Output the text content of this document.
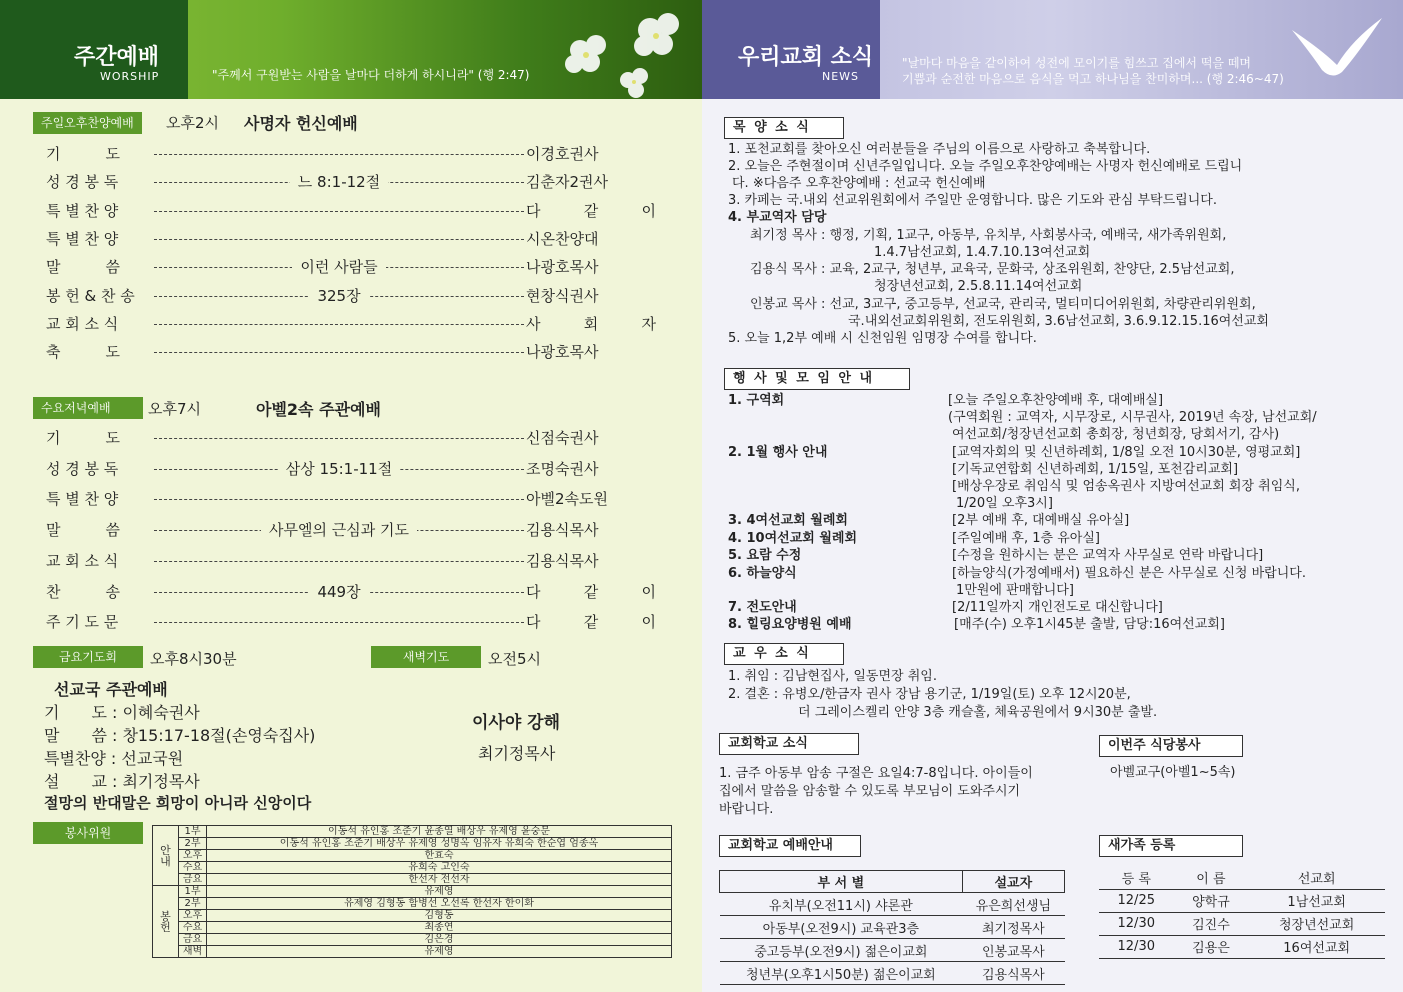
주간예배
WORSHIP	"주께서 구원받는 사람을 날마다 더하게 하시니라" (행 2:47)
주일오후찬양예배	오후2시 사명자 헌신예배
기　　　도	이경호권사
성 경 봉 독	느 8:1-12절	김춘자2권사
특 별 찬 양	다　같　이
특 별 찬 양	시온찬양대
말　　　씀	이런 사람들	나광호목사
봉 헌 & 찬 송	325장	현창식권사
교 회 소 식	사　회　자
축　　　도	나광호목사
수요저녁예배	오후7시	아벨2속 주관예배
기　　　도	신점숙권사
성 경 봉 독	삼상 15:1-11절	조명숙권사
특 별 찬 양	아벨2속도원
말　　　씀	사무엘의 근심과 기도	김용식목사
교 회 소 식	김용식목사
찬　　　송	449장	다　같　이
주 기 도 문	다　같　이
금요기도회	오후8시30분	새벽기도	오전5시
선교국 주관예배
기　　도 : 이혜숙권사
말　　씀 : 창15:17-18절(손영숙집사)
특별찬양 : 선교국원
설　　교 : 최기정목사
절망의 반대말은 희망이 아니라 신앙이다
이사야 강해
최기정목사
봉사위원
안내	1부	이동석 유인홍 조준기 윤종열 배상우 유제영 윤숭문
	2부	이동석 유인홍 조준기 배상우 유제영 성명옥 임유자 유희숙 한순엽 엄종옥
	오후	한효숙
	수요	유희숙 고인숙
	금요	한선자 전선자
봉헌	1부	유제영
	2부	유제영 김형동 함병선 오선록 한선자 한이화
	오후	김형동
	수요	최종연
	금요	김은경
	새벽	유제영
우리교회 소식
NEWS
"날마다 마음을 같이하여 성전에 모이기를 힘쓰고 집에서 떡을 떼며
기쁨과 순전한 마음으로 음식을 먹고 하나님을 찬미하며... (행 2:46~47)
목 양 소 식
1. 포천교회를 찾아오신 여러분들을 주님의 이름으로 사랑하고 축복합니다.
2. 오늘은 주현절이며 신년주일입니다. 오늘 주일오후찬양예배는 사명자 헌신예배로 드립니
다. ※다음주 오후찬양예배 : 선교국 헌신예배
3. 카페는 국.내외 선교위원회에서 주일만 운영합니다. 많은 기도와 관심 부탁드립니다.
4. 부교역자 담당
최기정 목사 : 행정, 기획, 1교구, 아동부, 유치부, 사회봉사국, 예배국, 새가족위원회,
1.4.7남선교회, 1.4.7.10.13여선교회
김용식 목사 : 교육, 2교구, 청년부, 교육국, 문화국, 상조위원회, 찬양단, 2.5남선교회,
청장년선교회, 2.5.8.11.14여선교회
인봉교 목사 : 선교, 3교구, 중고등부, 선교국, 관리국, 멀티미디어위원회, 차량관리위원회,
국.내외선교회위원회, 전도위원회, 3.6남선교회, 3.6.9.12.15.16여선교회
5. 오늘 1,2부 예배 시 신천임원 임명장 수여를 합니다.
행 사 및 모 임 안 내
1. 구역회	[오늘 주일오후찬양예배 후, 대예배실]
(구역회원 : 교역자, 시무장로, 시무권사, 2019년 속장, 남선교회/
여선교회/청장년선교회 총회장, 청년회장, 당회서기, 감사)
2. 1월 행사 안내	[교역자회의 및 신년하례회, 1/8일 오전 10시30분, 영평교회]
[기독교연합회 신년하례회, 1/15일, 포천감리교회]
[배상우장로 취임식 및 엄송옥권사 지방여선교회 회장 취임식,
1/20일 오후3시]
3. 4여선교회 월례회	[2부 예배 후, 대예배실 유아실]
4. 10여선교회 월례회	[주일예배 후, 1층 유아실]
5. 요람 수정	[수정을 원하시는 분은 교역자 사무실로 연락 바랍니다]
6. 하늘양식	[하늘양식(가정예배서) 필요하신 분은 사무실로 신청 바랍니다.
1만원에 판매합니다]
7. 전도안내	[2/11일까지 개인전도로 대신합니다]
8. 힐링요양병원 예배	[매주(수) 오후1시45분 출발, 담당:16여선교회]
교 우 소 식
1. 취임 : 김남현집사, 일동면장 취임.
2. 결혼 : 유병오/한금자 권사 장남 용기군, 1/19일(토) 오후 12시20분,
더 그레이스켈리 안양 3층 캐슬홀, 체육공원에서 9시30분 출발.
교회학교 소식
1. 금주 아동부 암송 구절은 요일4:7-8입니다. 아이들이
집에서 말씀을 암송할 수 있도록 부모님이 도와주시기
바랍니다.
이번주 식당봉사
아벨교구(아벨1~5속)
교회학교 예배안내
부 서 별	설교자
유치부(오전11시) 샤론관	유은희선생님
아동부(오전9시) 교육관3층	최기정목사
중고등부(오전9시) 젊은이교회	인봉교목사
청년부(오후1시50분) 젊은이교회	김용식목사
새가족 등록
등 록	이 름	선교회
12/25	양학규	1남선교회
12/30	김진수	청장년선교회
12/30	김용은	16여선교회
